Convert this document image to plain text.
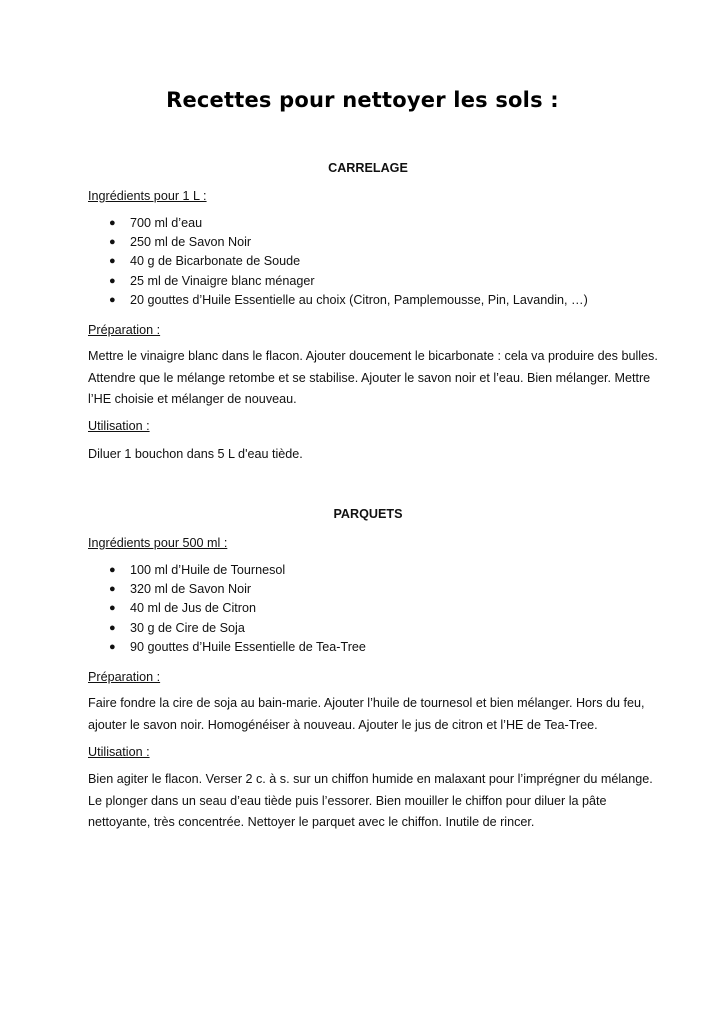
Recettes pour nettoyer les sols :
CARRELAGE

Ingrédients pour 1 L :

● 700 ml d’eau
● 250 ml de Savon Noir
● 40 g de Bicarbonate de Soude
● 25 ml de Vinaigre blanc ménager
● 20 gouttes d’Huile Essentielle au choix (Citron, Pamplemousse, Pin, Lavandin, …)

Préparation :

Mettre le vinaigre blanc dans le flacon. Ajouter doucement le bicarbonate : cela va produire des bulles. Attendre que le mélange retombe et se stabilise. Ajouter le savon noir et l’eau. Bien mélanger. Mettre l’HE choisie et mélanger de nouveau.

Utilisation :

Diluer 1 bouchon dans 5 L d'eau tiède.

PARQUETS

Ingrédients pour 500 ml :

● 100 ml d’Huile de Tournesol
● 320 ml de Savon Noir
● 40 ml de Jus de Citron
● 30 g de Cire de Soja
● 90 gouttes d’Huile Essentielle de Tea-Tree

Préparation :

Faire fondre la cire de soja au bain-marie. Ajouter l’huile de tournesol et bien mélanger. Hors du feu, ajouter le savon noir. Homogénéiser à nouveau. Ajouter le jus de citron et l’HE de Tea-Tree.

Utilisation :

Bien agiter le flacon. Verser 2 c. à s. sur un chiffon humide en malaxant pour l’imprégner du mélange. Le plonger dans un seau d’eau tiède puis l’essorer. Bien mouiller le chiffon pour diluer la pâte nettoyante, très concentrée. Nettoyer le parquet avec le chiffon. Inutile de rincer.
